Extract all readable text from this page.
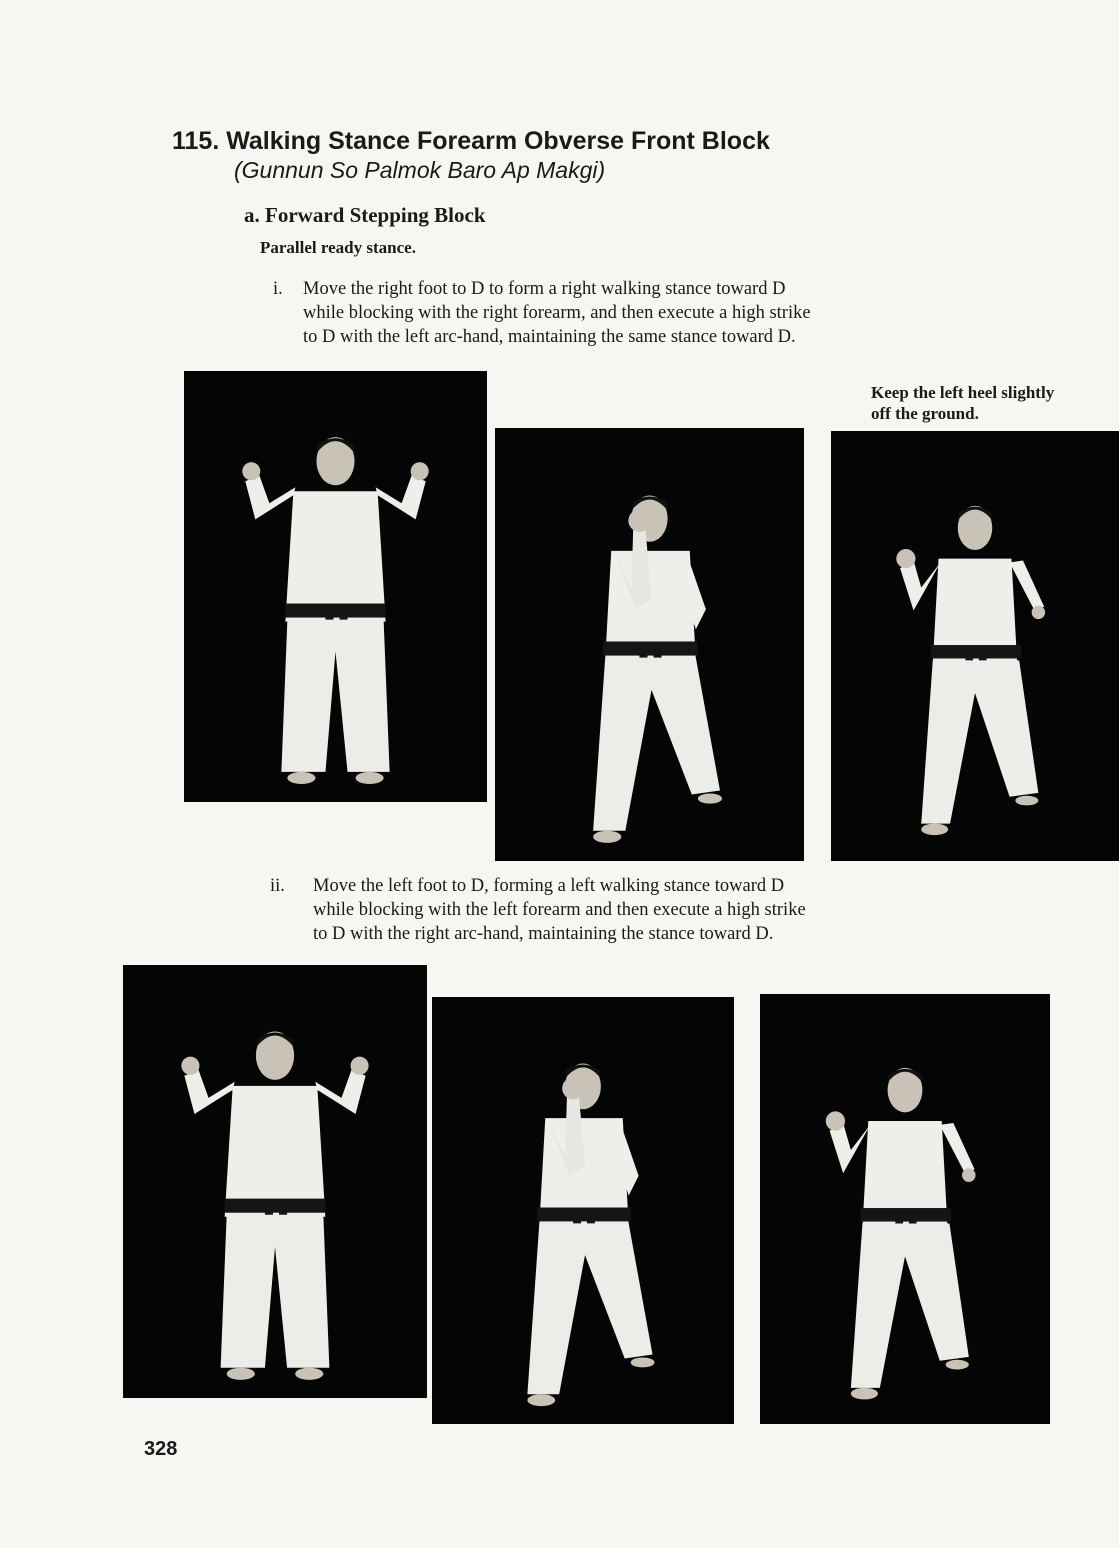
115. Walking Stance Forearm Obverse Front Block
(Gunnun So Palmok Baro Ap Makgi)
a. Forward Stepping Block
Parallel ready stance.
i. Move the right foot to D to form a right walking stance toward D
while blocking with the right forearm, and then execute a high strike
to D with the left arc-hand, maintaining the same stance toward D.
Keep the left heel slightly
off the ground.
ii. Move the left foot to D, forming a left walking stance toward D
while blocking with the left forearm and then execute a high strike
to D with the right arc-hand, maintaining the stance toward D.
328
